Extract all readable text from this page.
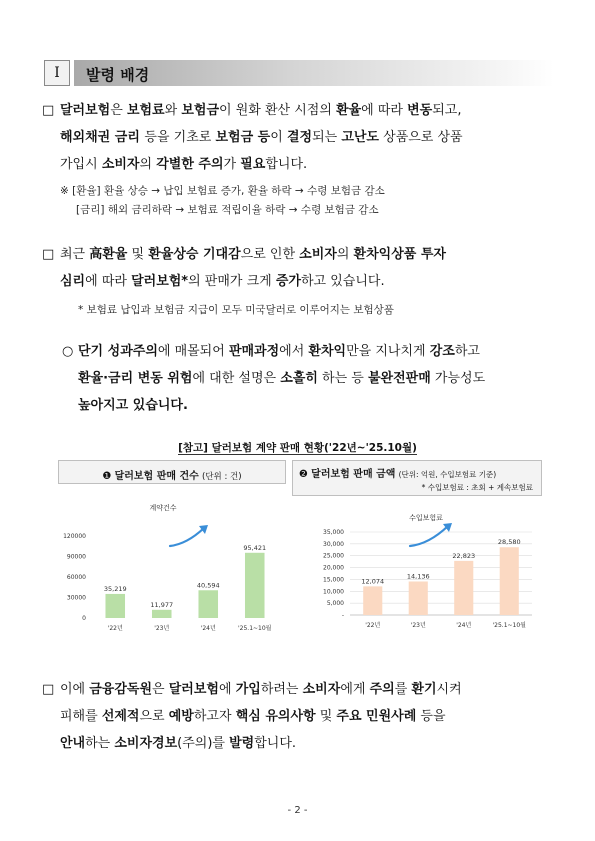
Ⅰ	발령 배경
□ 달러보험은 보험료와 보험금이 원화 환산 시점의 환율에 따라 변동되고,
해외채권 금리 등을 기초로 보험금 등이 결정되는 고난도 상품으로 상품
가입시 소비자의 각별한 주의가 필요합니다.
※ [환율] 환율 상승 → 납입 보험료 증가, 환율 하락 → 수령 보험금 감소
[금리] 해외 금리하락 → 보험료 적립이율 하락 → 수령 보험금 감소
□ 최근 高환율 및 환율상승 기대감으로 인한 소비자의 환차익상품 투자
심리에 따라 달러보험*의 판매가 크게 증가하고 있습니다.
* 보험료 납입과 보험금 지급이 모두 미국달러로 이루어지는 보험상품
○ 단기 성과주의에 매몰되어 판매과정에서 환차익만을 지나치게 강조하고
환율·금리 변동 위험에 대한 설명은 소홀히 하는 등 불완전판매 가능성도
높아지고 있습니다.
[참고] 달러보험 계약 판매 현황('22년~'25.10월)
❶ 달러보험 판매 건수 (단위 : 건)	❷ 달러보험 판매 금액 (단위: 억원, 수입보험료 기준)
* 수입보험료 : 초회 + 계속보험료
계약건수
0
30000
60000
90000
120000
35,219
'22년
11,977
'23년
40,594
'24년
95,421
'25.1~10월
수입보험료
-
5,000
10,000
15,000
20,000
25,000
30,000
35,000
12,074
'22년
14,136
'23년
22,823
'24년
28,580
'25.1~10월
□ 이에 금융감독원은 달러보험에 가입하려는 소비자에게 주의를 환기시켜
피해를 선제적으로 예방하고자 핵심 유의사항 및 주요 민원사례 등을
안내하는 소비자경보(주의)를 발령합니다.
- 2 -
